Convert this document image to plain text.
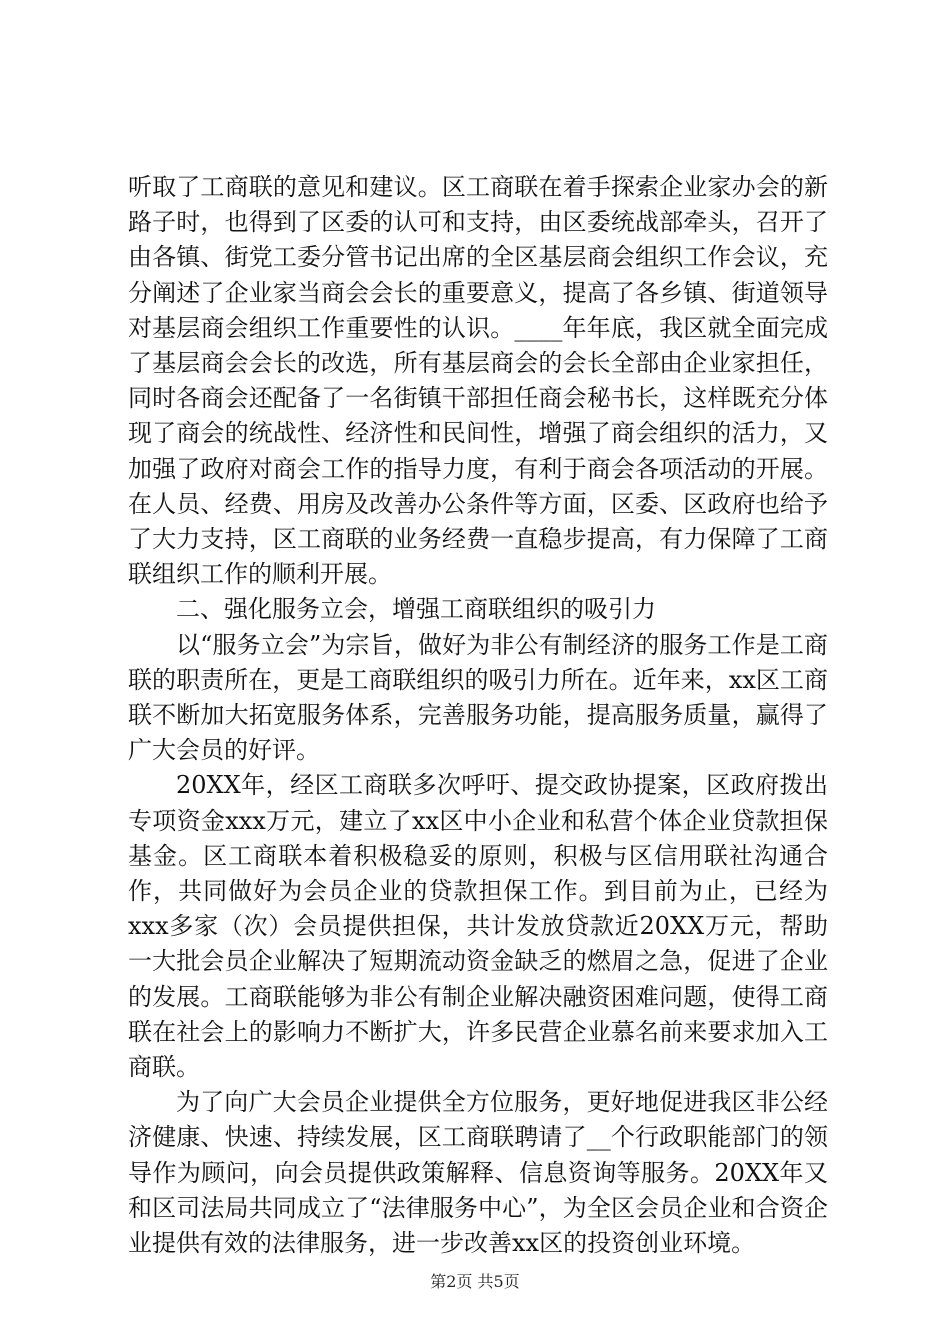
听取了工商联的意见和建议。区工商联在着手探索企业家办会的新路子时，也得到了区委的认可和支持，由区委统战部牵头，召开了由各镇、街党工委分管书记出席的全区基层商会组织工作会议，充分阐述了企业家当商会会长的重要意义，提高了各乡镇、街道领导对基层商会组织工作重要性的认识。____年年底，我区就全面完成了基层商会会长的改选，所有基层商会的会长全部由企业家担任，同时各商会还配备了一名街镇干部担任商会秘书长，这样既充分体现了商会的统战性、经济性和民间性，增强了商会组织的活力，又加强了政府对商会工作的指导力度，有利于商会各项活动的开展。在人员、经费、用房及改善办公条件等方面，区委、区政府也给予了大力支持，区工商联的业务经费一直稳步提高，有力保障了工商联组织工作的顺利开展。

二、强化服务立会，增强工商联组织的吸引力

以“服务立会”为宗旨，做好为非公有制经济的服务工作是工商联的职责所在，更是工商联组织的吸引力所在。近年来，xx区工商联不断加大拓宽服务体系，完善服务功能，提高服务质量，赢得了广大会员的好评。

20XX年，经区工商联多次呼吁、提交政协提案，区政府拨出专项资金xxx万元，建立了xx区中小企业和私营个体企业贷款担保基金。区工商联本着积极稳妥的原则，积极与区信用联社沟通合作，共同做好为会员企业的贷款担保工作。到目前为止，已经为xxx多家（次）会员提供担保，共计发放贷款近20XX万元，帮助一大批会员企业解决了短期流动资金缺乏的燃眉之急，促进了企业的发展。工商联能够为非公有制企业解决融资困难问题，使得工商联在社会上的影响力不断扩大，许多民营企业慕名前来要求加入工商联。

为了向广大会员企业提供全方位服务，更好地促进我区非公经济健康、快速、持续发展，区工商联聘请了__个行政职能部门的领导作为顾问，向会员提供政策解释、信息资询等服务。20XX年又和区司法局共同成立了“法律服务中心”，为全区会员企业和合资企业提供有效的法律服务，进一步改善xx区的投资创业环境。

第2页 共5页
